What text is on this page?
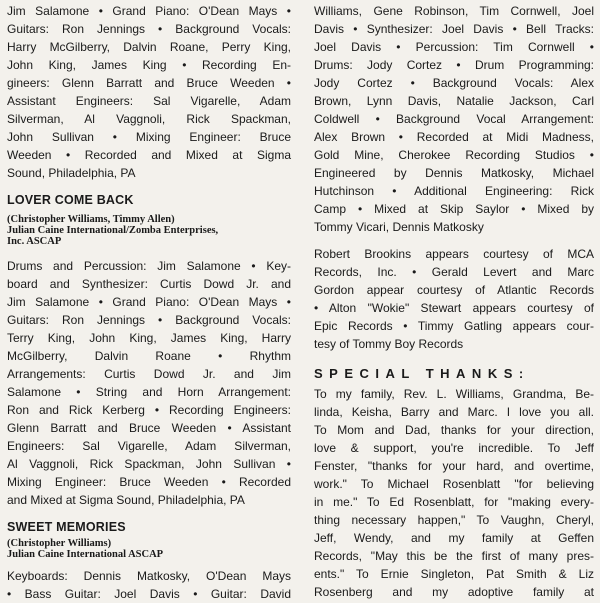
Jim Salamone • Grand Piano: O'Dean Mays •
Guitars: Ron Jennings • Background Vocals:
Harry McGilberry, Dalvin Roane, Perry King,
John King, James King • Recording En-
gineers: Glenn Barratt and Bruce Weeden •
Assistant Engineers: Sal Vigarelle, Adam
Silverman, Al Vaggnoli, Rick Spackman,
John Sullivan • Mixing Engineer: Bruce
Weeden • Recorded and Mixed at Sigma
Sound, Philadelphia, PA
LOVER COME BACK
(Christopher Williams, Timmy Allen)
Julian Caine International/Zomba Enterprises,
Inc. ASCAP
Drums and Percussion: Jim Salamone • Key-
board and Synthesizer: Curtis Dowd Jr. and
Jim Salamone • Grand Piano: O'Dean Mays •
Guitars: Ron Jennings • Background Vocals:
Terry King, John King, James King, Harry
McGilberry, Dalvin Roane • Rhythm
Arrangements: Curtis Dowd Jr. and Jim
Salamone • String and Horn Arrangement:
Ron and Rick Kerberg • Recording Engineers:
Glenn Barratt and Bruce Weeden • Assistant
Engineers: Sal Vigarelle, Adam Silverman,
Al Vaggnoli, Rick Spackman, John Sullivan •
Mixing Engineer: Bruce Weeden • Recorded
and Mixed at Sigma Sound, Philadelphia, PA
SWEET MEMORIES
(Christopher Williams)
Julian Caine International ASCAP
Keyboards: Dennis Matkosky, O'Dean Mays
• Bass Guitar: Joel Davis • Guitar: David
Williams, Gene Robinson, Tim Cornwell, Joel
Davis • Synthesizer: Joel Davis • Bell Tracks:
Joel Davis • Percussion: Tim Cornwell •
Drums: Jody Cortez • Drum Programming:
Jody Cortez • Background Vocals: Alex
Brown, Lynn Davis, Natalie Jackson, Carl
Coldwell • Background Vocal Arrangement:
Alex Brown • Recorded at Midi Madness,
Gold Mine, Cherokee Recording Studios •
Engineered by Dennis Matkosky, Michael
Hutchinson • Additional Engineering: Rick
Camp • Mixed at Skip Saylor • Mixed by
Tommy Vicari, Dennis Matkosky
Robert Brookins appears courtesy of MCA
Records, Inc. • Gerald Levert and Marc
Gordon appear courtesy of Atlantic Records
• Alton "Wokie" Stewart appears courtesy of
Epic Records • Timmy Gatling appears cour-
tesy of Tommy Boy Records
SPECIAL THANKS:
To my family, Rev. L. Williams, Grandma, Be-
linda, Keisha, Barry and Marc. I love you all.
To Mom and Dad, thanks for your direction,
love & support, you're incredible. To Jeff
Fenster, "thanks for your hard, and overtime,
work." To Michael Rosenblatt "for believing
in me." To Ed Rosenblatt, for "making every-
thing necessary happen," To Vaughn, Cheryl,
Jeff, Wendy, and my family at Geffen
Records, "May this be the first of many pres-
ents." To Ernie Singleton, Pat Smith & Liz
Rosenberg and my adoptive family at
